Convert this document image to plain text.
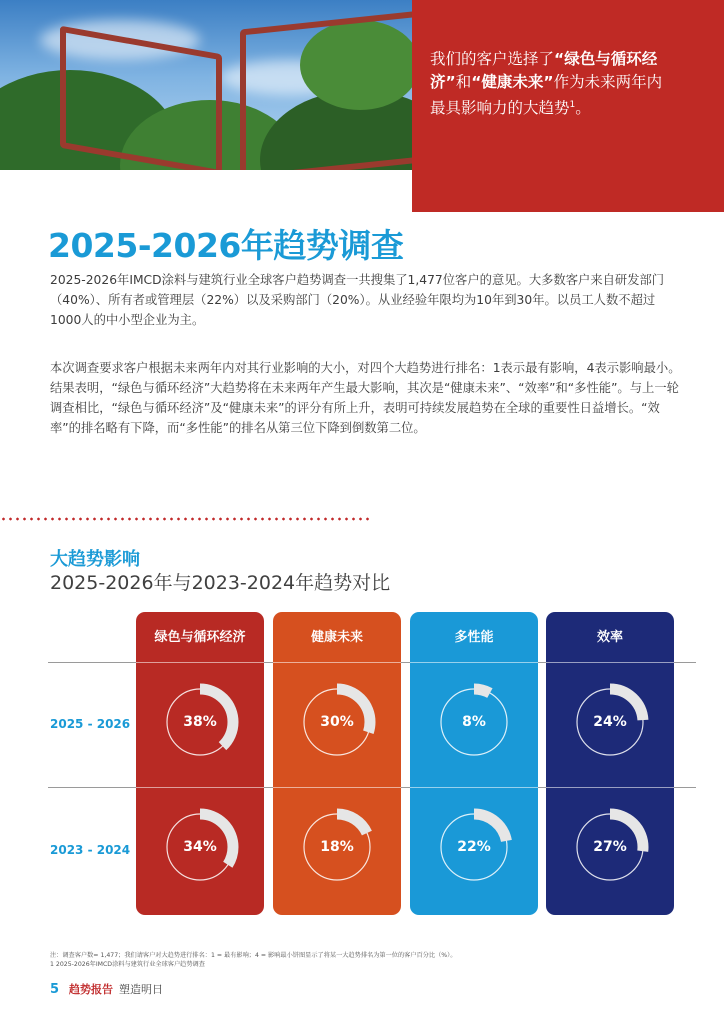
我们的客户选择了“绿色与循环经济”和“健康未来”作为未来两年内最具影响力的大趋势$^1$。
2025-2026年趋势调查
2025-2026年IMCD涂料与建筑行业全球客户趋势调查一共搜集了1,477位客户的意见。大多数客户来自研发部门（40%）、所有者或管理层（22%）以及采购部门（20%）。从业经验年限均为10年到30年。以员工人数不超过1000人的中小型企业为主。
本次调查要求客户根据未来两年内对其行业影响的大小，对四个大趋势进行排名：1表示最有影响，4表示影响最小。结果表明，“绿色与循环经济”大趋势将在未来两年产生最大影响，其次是“健康未来”、“效率”和“多性能”。与上一轮调查相比，“绿色与循环经济”及“健康未来”的评分有所上升，表明可持续发展趋势在全球的重要性日益增长。“效率”的排名略有下降，而“多性能”的排名从第三位下降到倒数第二位。
大趋势影响
2025-2026年与2023-2024年趋势对比
2025 - 2026
2023 - 2024
绿色与循环经济
38%
34%
健康未来
30%
18%
多性能
8%
22%
效率
24%
27%
注：调查客户数= 1,477；我们请客户对大趋势进行排名：1 = 最有影响；4 = 影响最小饼图显示了将某一大趋势排名为第一位的客户百分比（%）。
1 2025-2026年IMCD涂料与建筑行业全球客户趋势调查
5 趋势报告 塑造明日
